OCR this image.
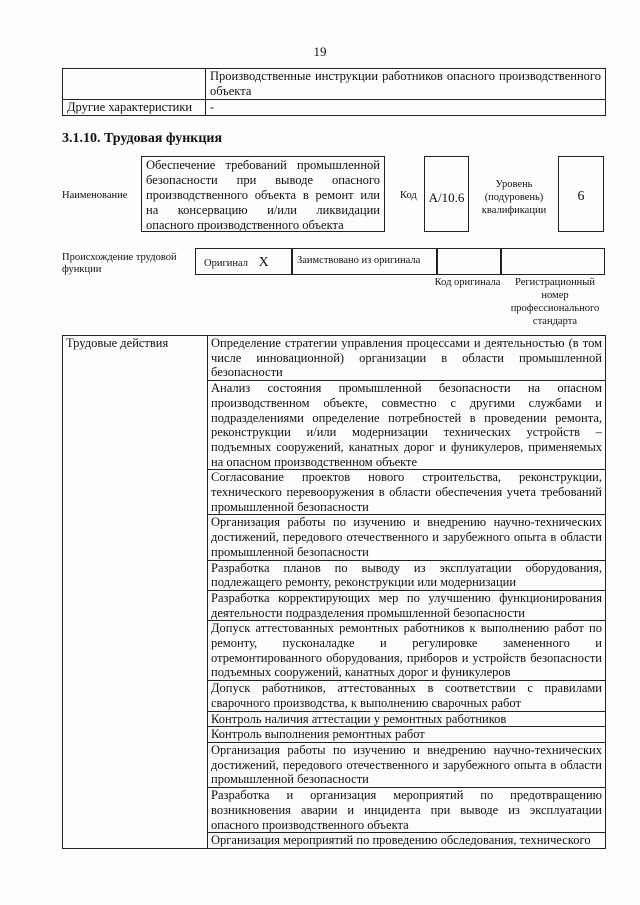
19
	Производственные инструкции работников опасного производственного объекта
Другие характеристики	-
3.1.10. Трудовая функция
Наименование
Обеспечение требований промышленной безопасности при выводе опасного производственного объекта в ремонт или на консервацию и/или ликвидации опасного производственного объекта
Код А/10.6
Уровень (подуровень) квалификации
6
Происхождение трудовой функции
Оригинал Х	Заимствовано из оригинала
Код оригинала	Регистрационный номер профессионального стандарта
Трудовые действия	Определение стратегии управления процессами и деятельностью (в том числе инновационной) организации в области промышленной безопасности
Анализ состояния промышленной безопасности на опасном производственном объекте, совместно с другими службами и подразделениями определение потребностей в проведении ремонта, реконструкции и/или модернизации технических устройств – подъемных сооружений, канатных дорог и фуникулеров, применяемых на опасном производственном объекте
Согласование проектов нового строительства, реконструкции, технического перевооружения в области обеспечения учета требований промышленной безопасности
Организация работы по изучению и внедрению научно-технических достижений, передового отечественного и зарубежного опыта в области промышленной безопасности
Разработка планов по выводу из эксплуатации оборудования, подлежащего ремонту, реконструкции или модернизации
Разработка корректирующих мер по улучшению функционирования деятельности подразделения промышленной безопасности
Допуск аттестованных ремонтных работников к выполнению работ по ремонту, пусконаладке и регулировке замененного и отремонтированного оборудования, приборов и устройств безопасности подъемных сооружений, канатных дорог и фуникулеров
Допуск работников, аттестованных в соответствии с правилами сварочного производства, к выполнению сварочных работ
Контроль наличия аттестации у ремонтных работников
Контроль выполнения ремонтных работ
Организация работы по изучению и внедрению научно-технических достижений, передового отечественного и зарубежного опыта в области промышленной безопасности
Разработка и организация мероприятий по предотвращению возникновения аварии и инцидента при выводе из эксплуатации опасного производственного объекта
Организация мероприятий по проведению обследования, технического
